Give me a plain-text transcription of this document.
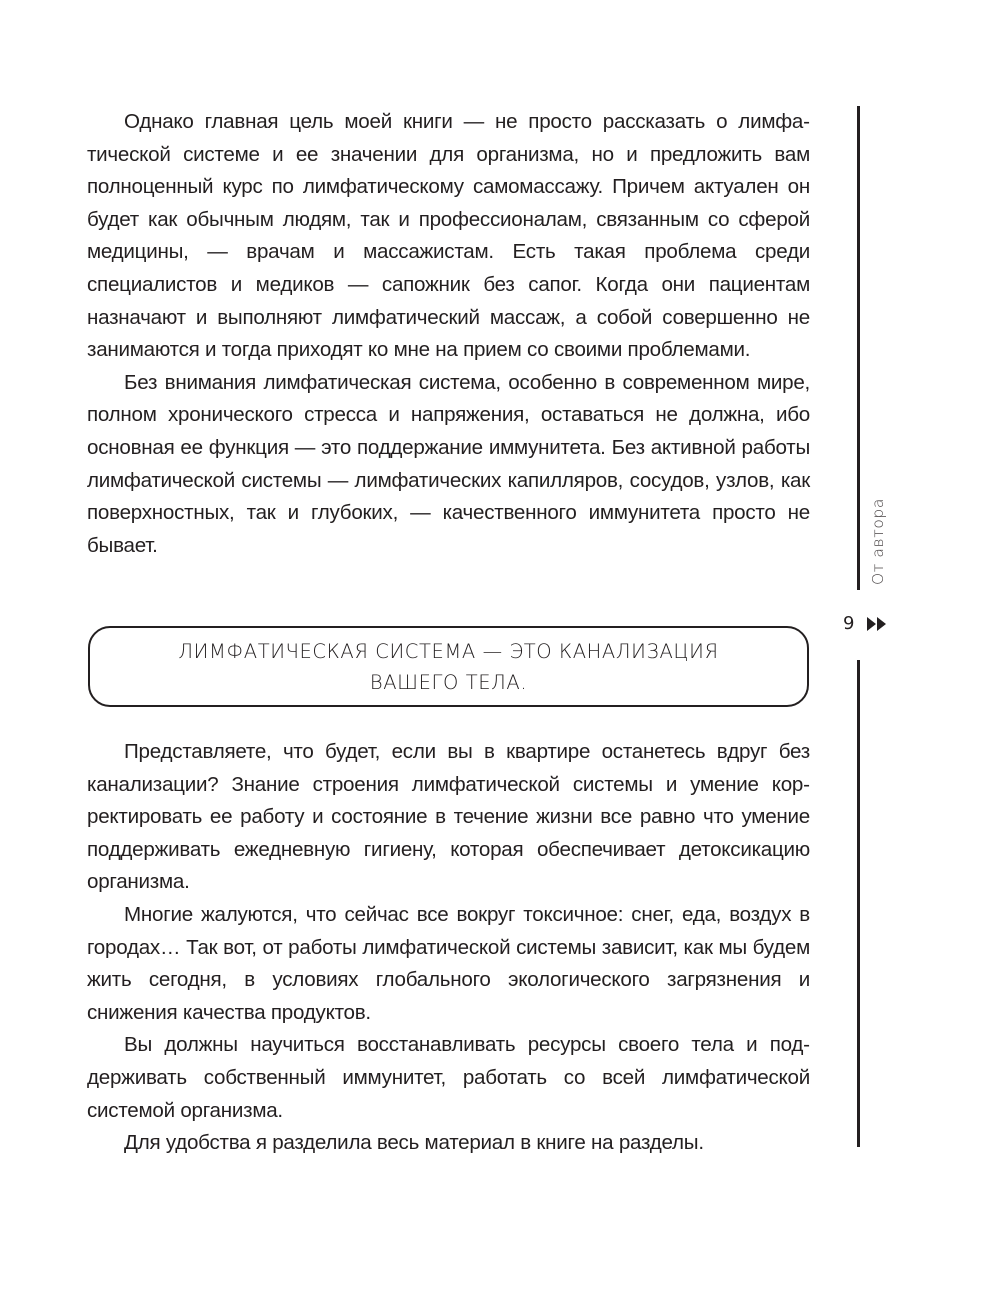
Однако главная цель моей книги — не просто рассказать о лимфатической системе и ее значении для организма, но и предложить вам полноценный курс по лимфатическому самомассажу. Причем актуален он будет как обычным людям, так и профессионалам, связанным со сферой медицины, — врачам и массажистам. Есть такая проблема среди специалистов и медиков — сапожник без сапог. Когда они пациентам назначают и выполняют лимфатический массаж, а собой совершенно не занимаются и тогда приходят ко мне на прием со своими проблемами.

Без внимания лимфатическая система, особенно в современном мире, полном хронического стресса и напряжения, оставаться не должна, ибо основная ее функция — это поддержание иммунитета. Без активной работы лимфатической системы — лимфатических капилляров, сосудов, узлов, как поверхностных, так и глубоких, — качественного иммунитета просто не бывает.

ЛИМФАТИЧЕСКАЯ СИСТЕМА — ЭТО КАНАЛИЗАЦИЯ ВАШЕГО ТЕЛА.

Представляете, что будет, если вы в квартире останетесь вдруг без канализации? Знание строения лимфатической системы и умение корректировать ее работу и состояние в течение жизни все равно что умение поддерживать ежедневную гигиену, которая обеспечивает детоксикацию организма.

Многие жалуются, что сейчас все вокруг токсичное: снег, еда, воздух в городах… Так вот, от работы лимфатической системы зависит, как мы будем жить сегодня, в условиях глобального экологического загрязнения и снижения качества продуктов.

Вы должны научиться восстанавливать ресурсы своего тела и поддерживать собственный иммунитет, работать со всей лимфатической системой организма.

Для удобства я разделила весь материал в книге на разделы.

От автора
9
